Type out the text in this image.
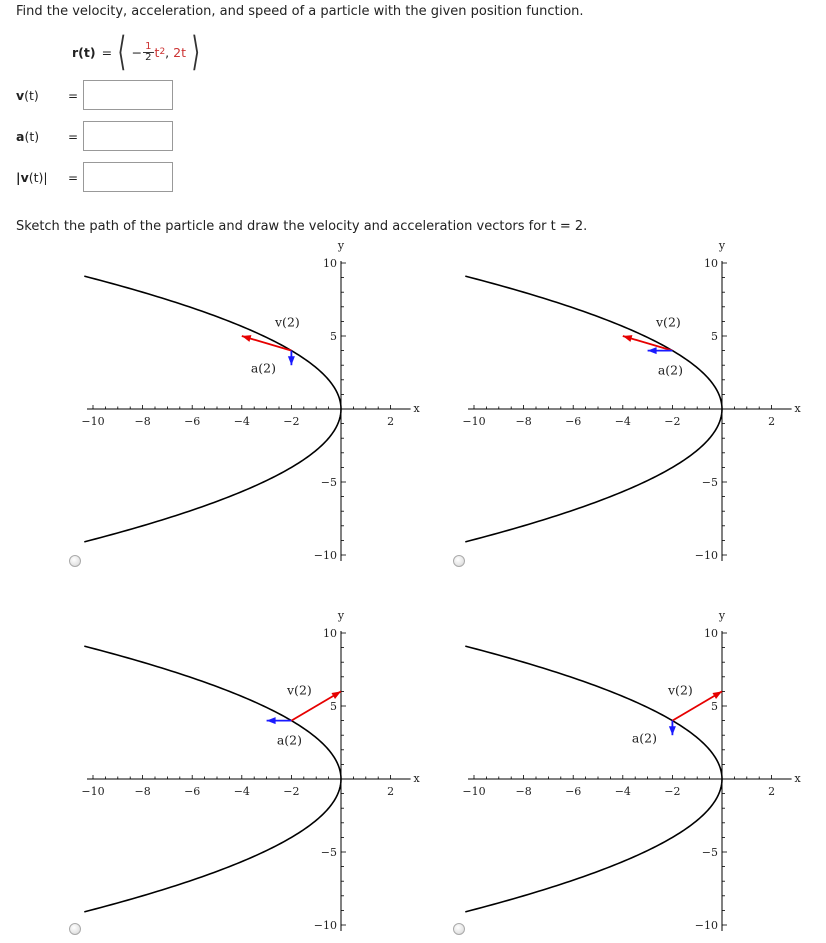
Find the velocity, acceleration, and speed of a particle with the given position function.
r(t) = ⟨ − $\frac{1}{2}$ t 2 , 2t ⟩
v(t) =
a(t) =
|v(t)| =
Sketch the path of the particle and draw the velocity and acceleration vectors for t = 2.
−10	−8	−6	−4	−2	2
10
5
−5
−10
x
y
v(2)
a(2)
−10	−8	−6	−4	−2	2
10
5
−5
−10
x
y
v(2)
a(2)
−10	−8	−6	−4	−2	2
10
5
−5
−10
x
y
v(2)
a(2)
−10	−8	−6	−4	−2	2
10
5
−5
−10
x
y
v(2)
a(2)
